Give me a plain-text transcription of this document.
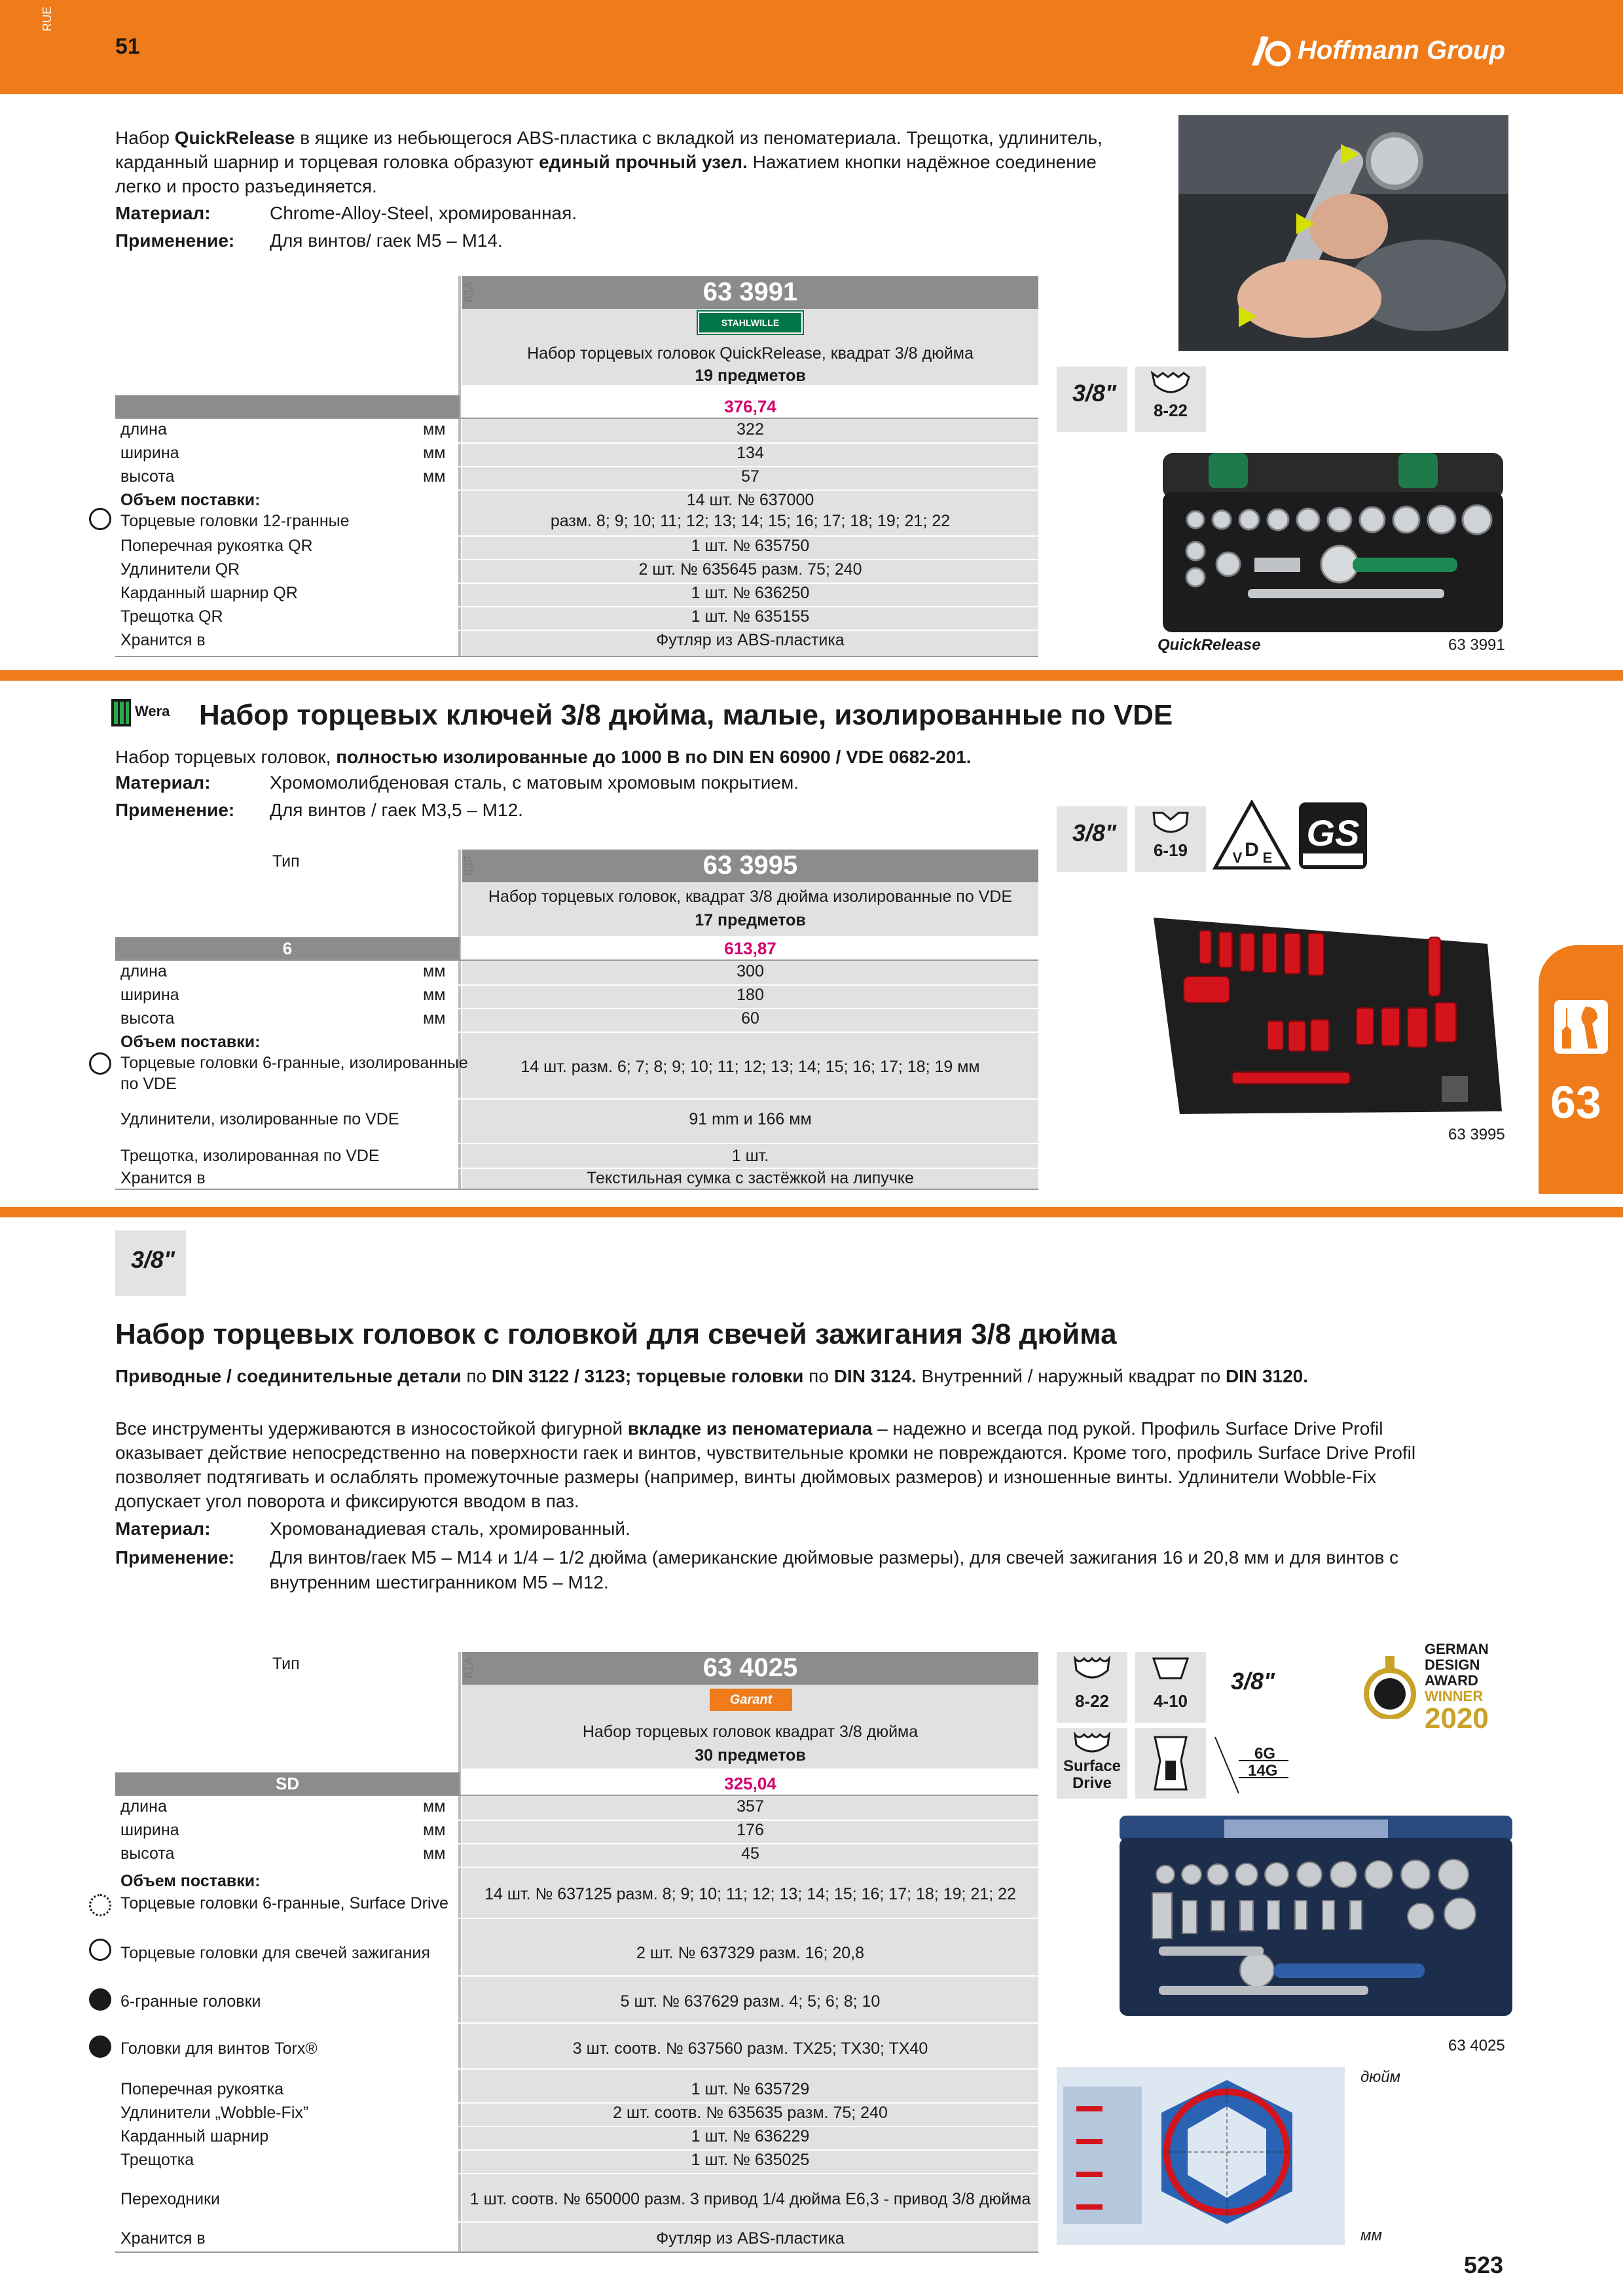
RUE
51	Hoffmann Group
Набор QuickRelease в ящике из небьющегося ABS-пластика с вкладкой из пеноматериала. Трещотка, удлинитель,
карданный шарнир и торцевая головка образуют единый прочный узел. Нажатием кнопки надёжное соединение
легко и просто разъединяется.
Материал:	Chrome-Alloy-Steel, хромированная.
Применение: Для винтов/ гаек M5 – M14.
63A	63 3991
STAHLWILLE
Набор торцевых головок QuickRelease, квадрат 3/8 дюйма
19 предметов
376,74
длина	мм	322
ширина	мм	134
высота	мм	57
Объем поставки:	14 шт. № 637000
Торцевые головки 12-гранные	разм. 8; 9; 10; 11; 12; 13; 14; 15; 16; 17; 18; 19; 21; 22
Поперечная рукоятка QR	1 шт. № 635750
Удлинители QR	2 шт. № 635645 разм. 75; 240
Карданный шарнир QR	1 шт. № 636250
Трещотка QR	1 шт. № 635155
Хранится в	Футляр из ABS-пластика
3/8"
8-22
QuickRelease	63 3991
Wera Набор торцевых ключей 3/8 дюйма, малые, изолированные по VDE
Набор торцевых головок, полностью изолированные до 1000 В по DIN EN 60900 / VDE 0682-201.
Материал:	Хромомолибденовая сталь, с матовым хромовым покрытием.
Применение: Для винтов / гаек M3,5 – M12.
Тип	63F	63 3995
Набор торцевых головок, квадрат 3/8 дюйма изолированные по VDE
17 предметов
6	613,87
длина	мм	300
ширина	мм	180
высота	мм	60
Объем поставки:
Торцевые головки 6-гранные, изолированные	14 шт. разм. 6; 7; 8; 9; 10; 11; 12; 13; 14; 15; 16; 17; 18; 19 мм
по VDE
Удлинители, изолированные по VDE	91 mm и 166 мм
Трещотка, изолированная по VDE	1 шт.
Хранится в	Текстильная сумка с застёжкой на липучке
3/8"
6-19	D
V E
GS
63 3995
63
3/8"
Набор торцевых головок с головкой для свечей зажигания 3/8 дюйма
Приводные / соединительные детали по DIN 3122 / 3123; торцевые головки по DIN 3124. Внутренний / наружный квадрат по DIN 3120.
Все инструменты удерживаются в износостойкой фигурной вкладке из пеноматериала – надежно и всегда под рукой. Профиль Surface Drive Profil
оказывает действие непосредственно на поверхности гаек и винтов, чувствительные кромки не повреждаются. Кроме того, профиль Surface Drive Profil
позволяет подтягивать и ослаблять промежуточные размеры (например, винты дюймовых размеров) и изношенные винты. Удлинители Wobble-Fix
допускает угол поворота и фиксируются вводом в паз.
Материал:	Хромованадиевая сталь, хромированный.
Применение: Для винтов/гаек M5 – M14 и 1/4 – 1/2 дюйма (американские дюймовые размеры), для свечей зажигания 16 и 20,8 мм и для винтов с
внутренним шестигранником M5 – M12.
Тип	61A	63 4025
Garant
Набор торцевых головок квадрат 3/8 дюйма
30 предметов
SD	325,04
длина	мм	357
ширина	мм	176
высота	мм	45
Объем поставки:
Торцевые головки 6-гранные, Surface Drive	14 шт. № 637125 разм. 8; 9; 10; 11; 12; 13; 14; 15; 16; 17; 18; 19; 21; 22
Торцевые головки для свечей зажигания	2 шт. № 637329 разм. 16; 20,8
6-гранные головки	5 шт. № 637629 разм. 4; 5; 6; 8; 10
Головки для винтов Torx®	3 шт. соотв. № 637560 разм. TX25; TX30; TX40
Поперечная рукоятка	1 шт. № 635729
Удлинители „Wobble-Fix”	2 шт. соотв. № 635635 разм. 75; 240
Карданный шарнир	1 шт. № 636229
Трещотка	1 шт. № 635025
Переходники	1 шт. соотв. № 650000 разм. 3 привод 1/4 дюйма E6,3 - привод 3/8 дюйма
Хранится в	Футляр из ABS-пластика
8-22	4-10
3/8"
Surface
Drive
6G
14G
GERMAN
DESIGN
AWARD
WINNER
2020
63 4025
дюйм
мм
523
